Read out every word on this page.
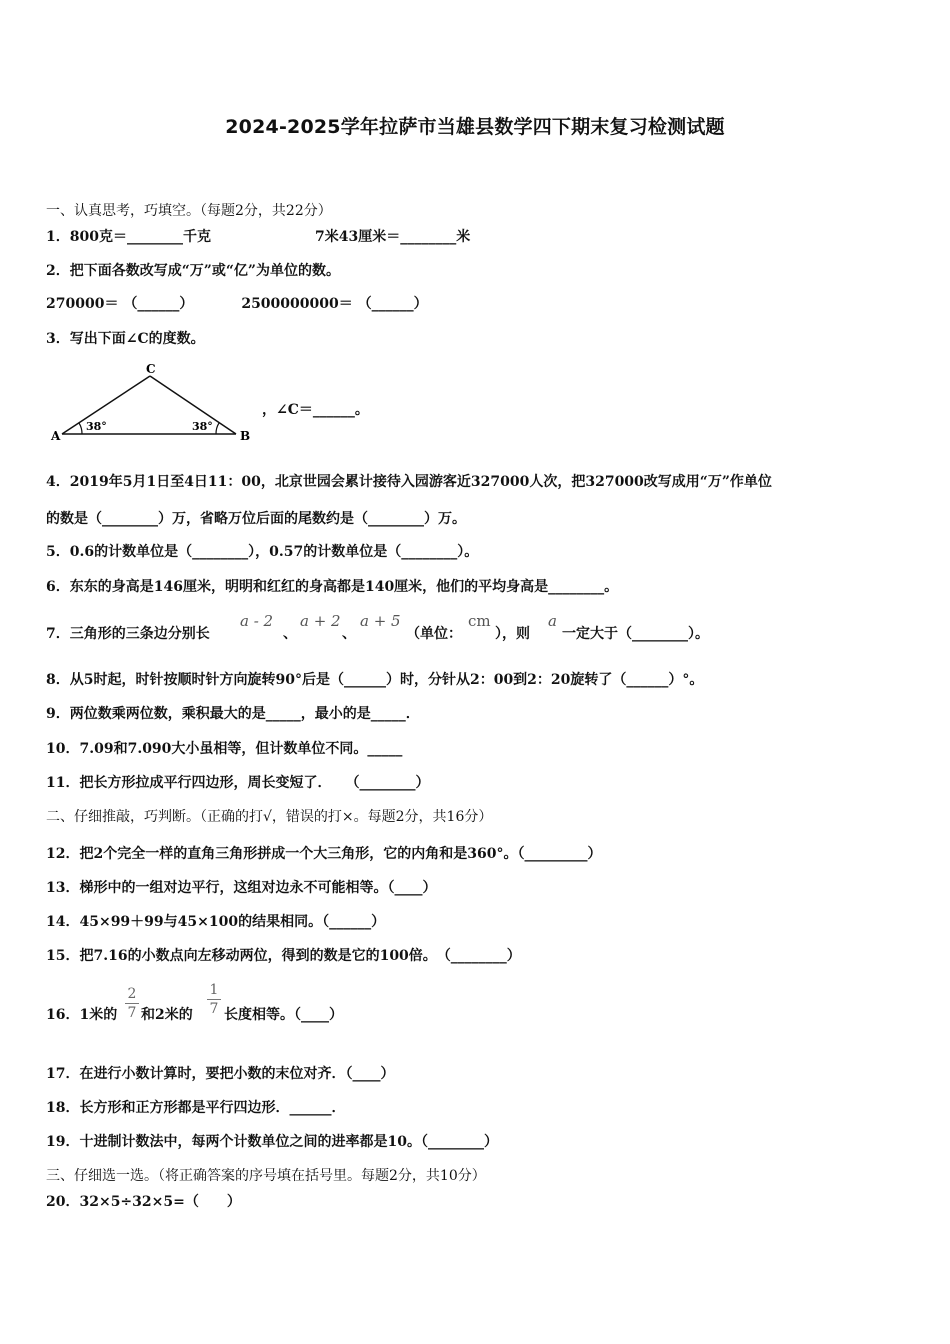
2024-2025学年拉萨市当雄县数学四下期末复习检测试题
一、认真思考，巧填空。（每题2分，共22分）
1．800克＝________千克	7米43厘米＝________米
2．把下面各数改写成“万”或“亿”为单位的数。
270000＝ （______）	2500000000＝ （______）
3．写出下面∠C的度数。
C
A	B
38°	38°
，∠C＝______。
4．2019年5月1日至4日11：00，北京世园会累计接待入园游客近327000人次，把327000改写成用“万”作单位
的数是（________）万，省略万位后面的尾数约是（________）万。
5．0.6的计数单位是（________），0.57的计数单位是（________）。
6．东东的身高是146厘米，明明和红红的身高都是140厘米，他们的平均身高是________。
7．三角形的三条边分别长
a - 2
、
a + 2
、
a + 5
（单位：
cm
），则
a
一定大于（________）。
8．从5时起，时针按顺时针方向旋转90°后是（______）时，分针从2：00到2：20旋转了（______）°。
9．两位数乘两位数，乘积最大的是_____，最小的是_____．
10．7.09和7.090大小虽相等，但计数单位不同。_____
11．把长方形拉成平行四边形，周长变短了．　　（________）
二、仔细推敲，巧判断。（正确的打√，错误的打×。每题2分，共16分）
12．把2个完全一样的直角三角形拼成一个大三角形，它的内角和是360°。（_________）
13．梯形中的一组对边平行，这组对边永不可能相等。（____）
14．45×99＋99与45×100的结果相同。（______）
15．把7.16的小数点向左移动两位，得到的数是它的100倍。　（________）
16．1米的
2
7 和2米的
1
7 长度相等。（____）
17．在进行小数计算时，要把小数的末位对齐．（____）
18．长方形和正方形都是平行四边形．______．
19．十进制计数法中，每两个计数单位之间的进率都是10。（________）
三、仔细选一选。（将正确答案的序号填在括号里。每题2分，共10分）
20．32×5÷32×5=（　　）
